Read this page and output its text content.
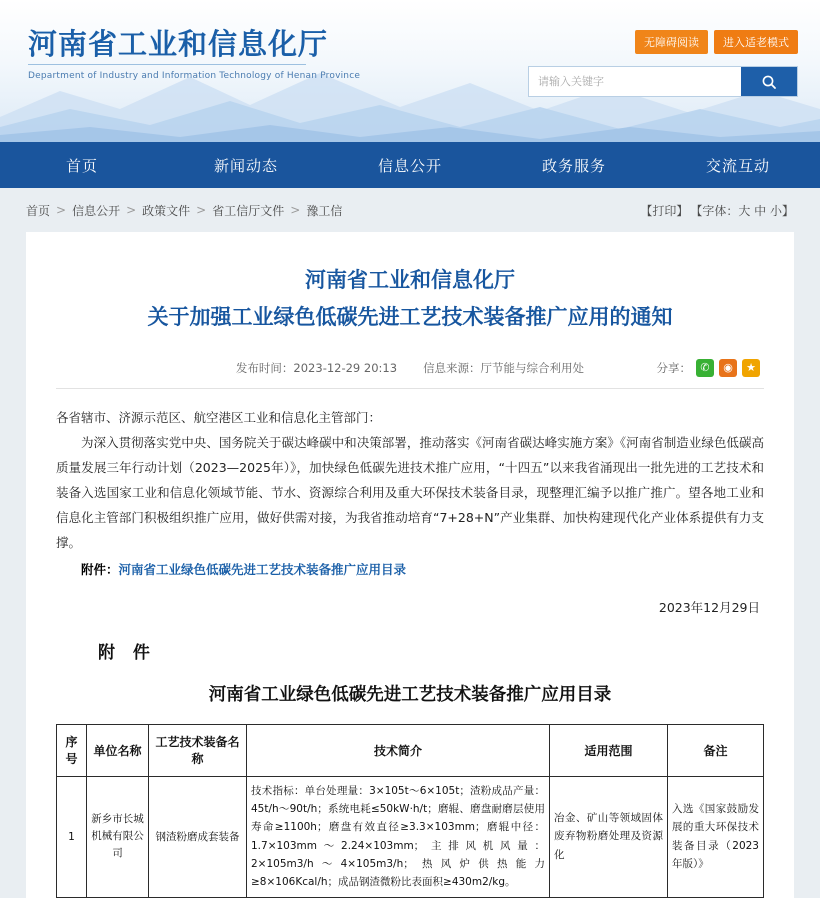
河南省工业和信息化厅
Department of Industry and Information Technology of Henan Province
无障碍阅读	进入适老模式
请输入关键字
首页	新闻动态	信息公开	政务服务	交流互动
首页 > 信息公开 > 政策文件 > 省工信厅文件 > 豫工信	【打印】 【字体：大 中 小】
河南省工业和信息化厅
关于加强工业绿色低碳先进工艺技术装备推广应用的通知
发布时间：2023-12-29 20:13 信息来源：厅节能与综合利用处	分享： ✆	◉	★

各省辖市、济源示范区、航空港区工业和信息化主管部门：

为深入贯彻落实党中央、国务院关于碳达峰碳中和决策部署，推动落实《河南省碳达峰实施方案》《河南省制造业绿色低碳高质量发展三年行动计划（2023—2025年）》，加快绿色低碳先进技术推广应用，“十四五”以来我省涌现出一批先进的工艺技术和装备入选国家工业和信息化领域节能、节水、资源综合利用及重大环保技术装备目录，现整理汇编予以推广推广。望各地工业和信息化主管部门积极组织推广应用，做好供需对接，为我省推动培育“7+28+N”产业集群、加快构建现代化产业体系提供有力支撑。

附件：河南省工业绿色低碳先进工艺技术装备推广应用目录
2023年12月29日
附 件
河南省工业绿色低碳先进工艺技术装备推广应用目录
序号	单位名称	工艺技术装备名称	技术简介	适用范围	备注
1	新乡市长城机械有限公司	钢渣粉磨成套装备	技术指标：单台处理量：3×105t～6×105t；渣粉成品产量：45t/h～90t/h；系统电耗≤50kW·h/t；磨辊、磨盘耐磨层使用寿命≥1100h；磨盘有效直径≥3.3×103mm；磨辊中径：1.7×103mm～2.24×103mm；主排风机风量：2×105m3/h～4×105m3/h；热风炉供热能力≥8×106Kcal/h；成品钢渣微粉比表面积≥430m2/kg。	冶金、矿山等领域固体废弃物粉磨处理及资源化	入选《国家鼓励发展的重大环保技术装备目录（2023年版）》
